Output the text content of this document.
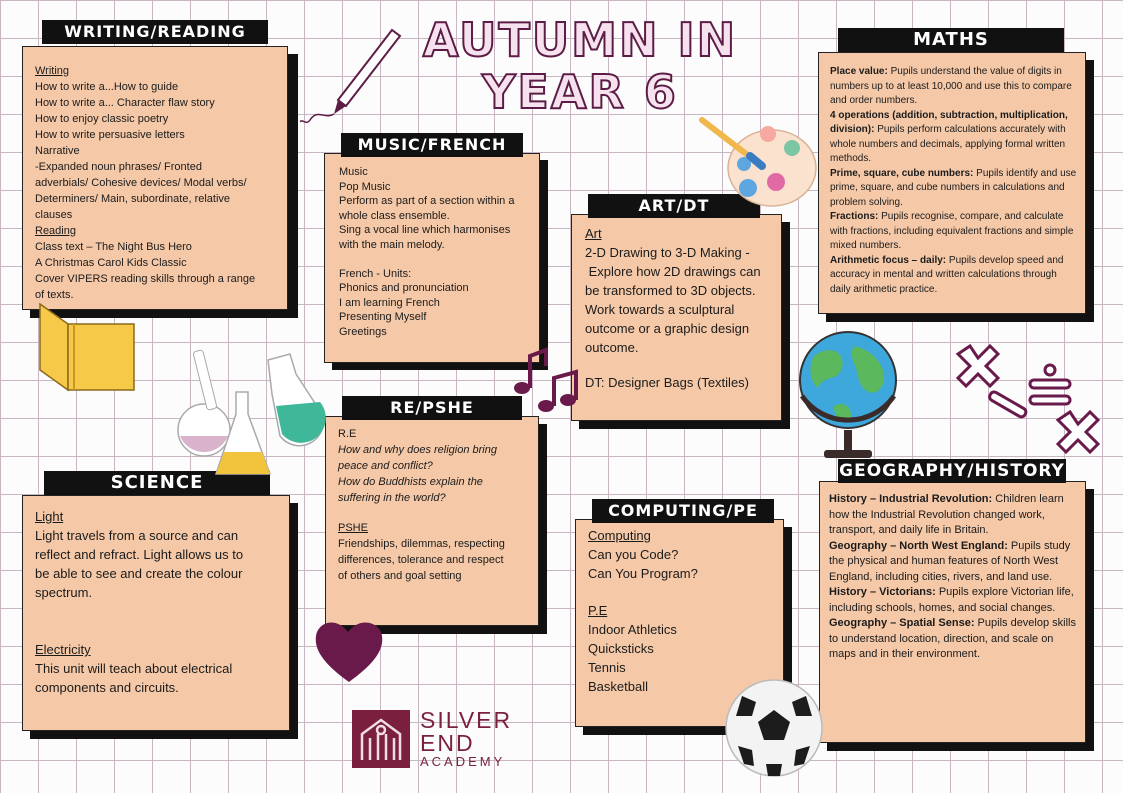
AUTUMN IN
YEAR 6
Writing
How to write a...How to guide
How to write a... Character flaw story
How to enjoy classic poetry
How to write persuasive letters
Narrative
-Expanded noun phrases/ Fronted
adverbials/ Cohesive devices/ Modal verbs/
Determiners/ Main, subordinate, relative
clauses
Reading
Class text – The Night Bus Hero
A Christmas Carol Kids Classic
Cover VIPERS reading skills through a range
of texts.
WRITING/READING
Music
Pop Music
Perform as part of a section within a
whole class ensemble.
Sing a vocal line which harmonises
with the main melody.
French - Units:
Phonics and pronunciation
I am learning French
Presenting Myself
Greetings
MUSIC/FRENCH
Art
2-D Drawing to 3-D Making -
Explore how 2D drawings can
be transformed to 3D objects.
Work towards a sculptural
outcome or a graphic design
outcome.
DT: Designer Bags (Textiles)
ART/DT
Place value: Pupils understand the value of digits in numbers up to at least 10,000 and use this to compare and order numbers.
4 operations (addition, subtraction, multiplication, division): Pupils perform calculations accurately with whole numbers and decimals, applying formal written methods.
Prime, square, cube numbers: Pupils identify and use prime, square, and cube numbers in calculations and problem solving.
Fractions: Pupils recognise, compare, and calculate with fractions, including equivalent fractions and simple mixed numbers.
Arithmetic focus – daily: Pupils develop speed and accuracy in mental and written calculations through daily arithmetic practice.
MATHS
R.E
How and why does religion bring
peace and conflict?
How do Buddhists explain the
suffering in the world?
PSHE
Friendships, dilemmas, respecting
differences, tolerance and respect
of others and goal setting
RE/PSHE
Light
Light travels from a source and can
reflect and refract. Light allows us to
be able to see and create the colour
spectrum.
Electricity
This unit will teach about electrical
components and circuits.
SCIENCE
Computing
Can you Code?
Can You Program?
P.E
Indoor Athletics
Quicksticks
Tennis
Basketball
COMPUTING/PE
History – Industrial Revolution: Children learn how the Industrial Revolution changed work, transport, and daily life in Britain.
Geography – North West England: Pupils study the physical and human features of North West England, including cities, rivers, and land use.
History – Victorians: Pupils explore Victorian life, including schools, homes, and social changes.
Geography – Spatial Sense: Pupils develop skills to understand location, direction, and scale on maps and in their environment.
GEOGRAPHY/HISTORY
SILVER
END
ACADEMY
